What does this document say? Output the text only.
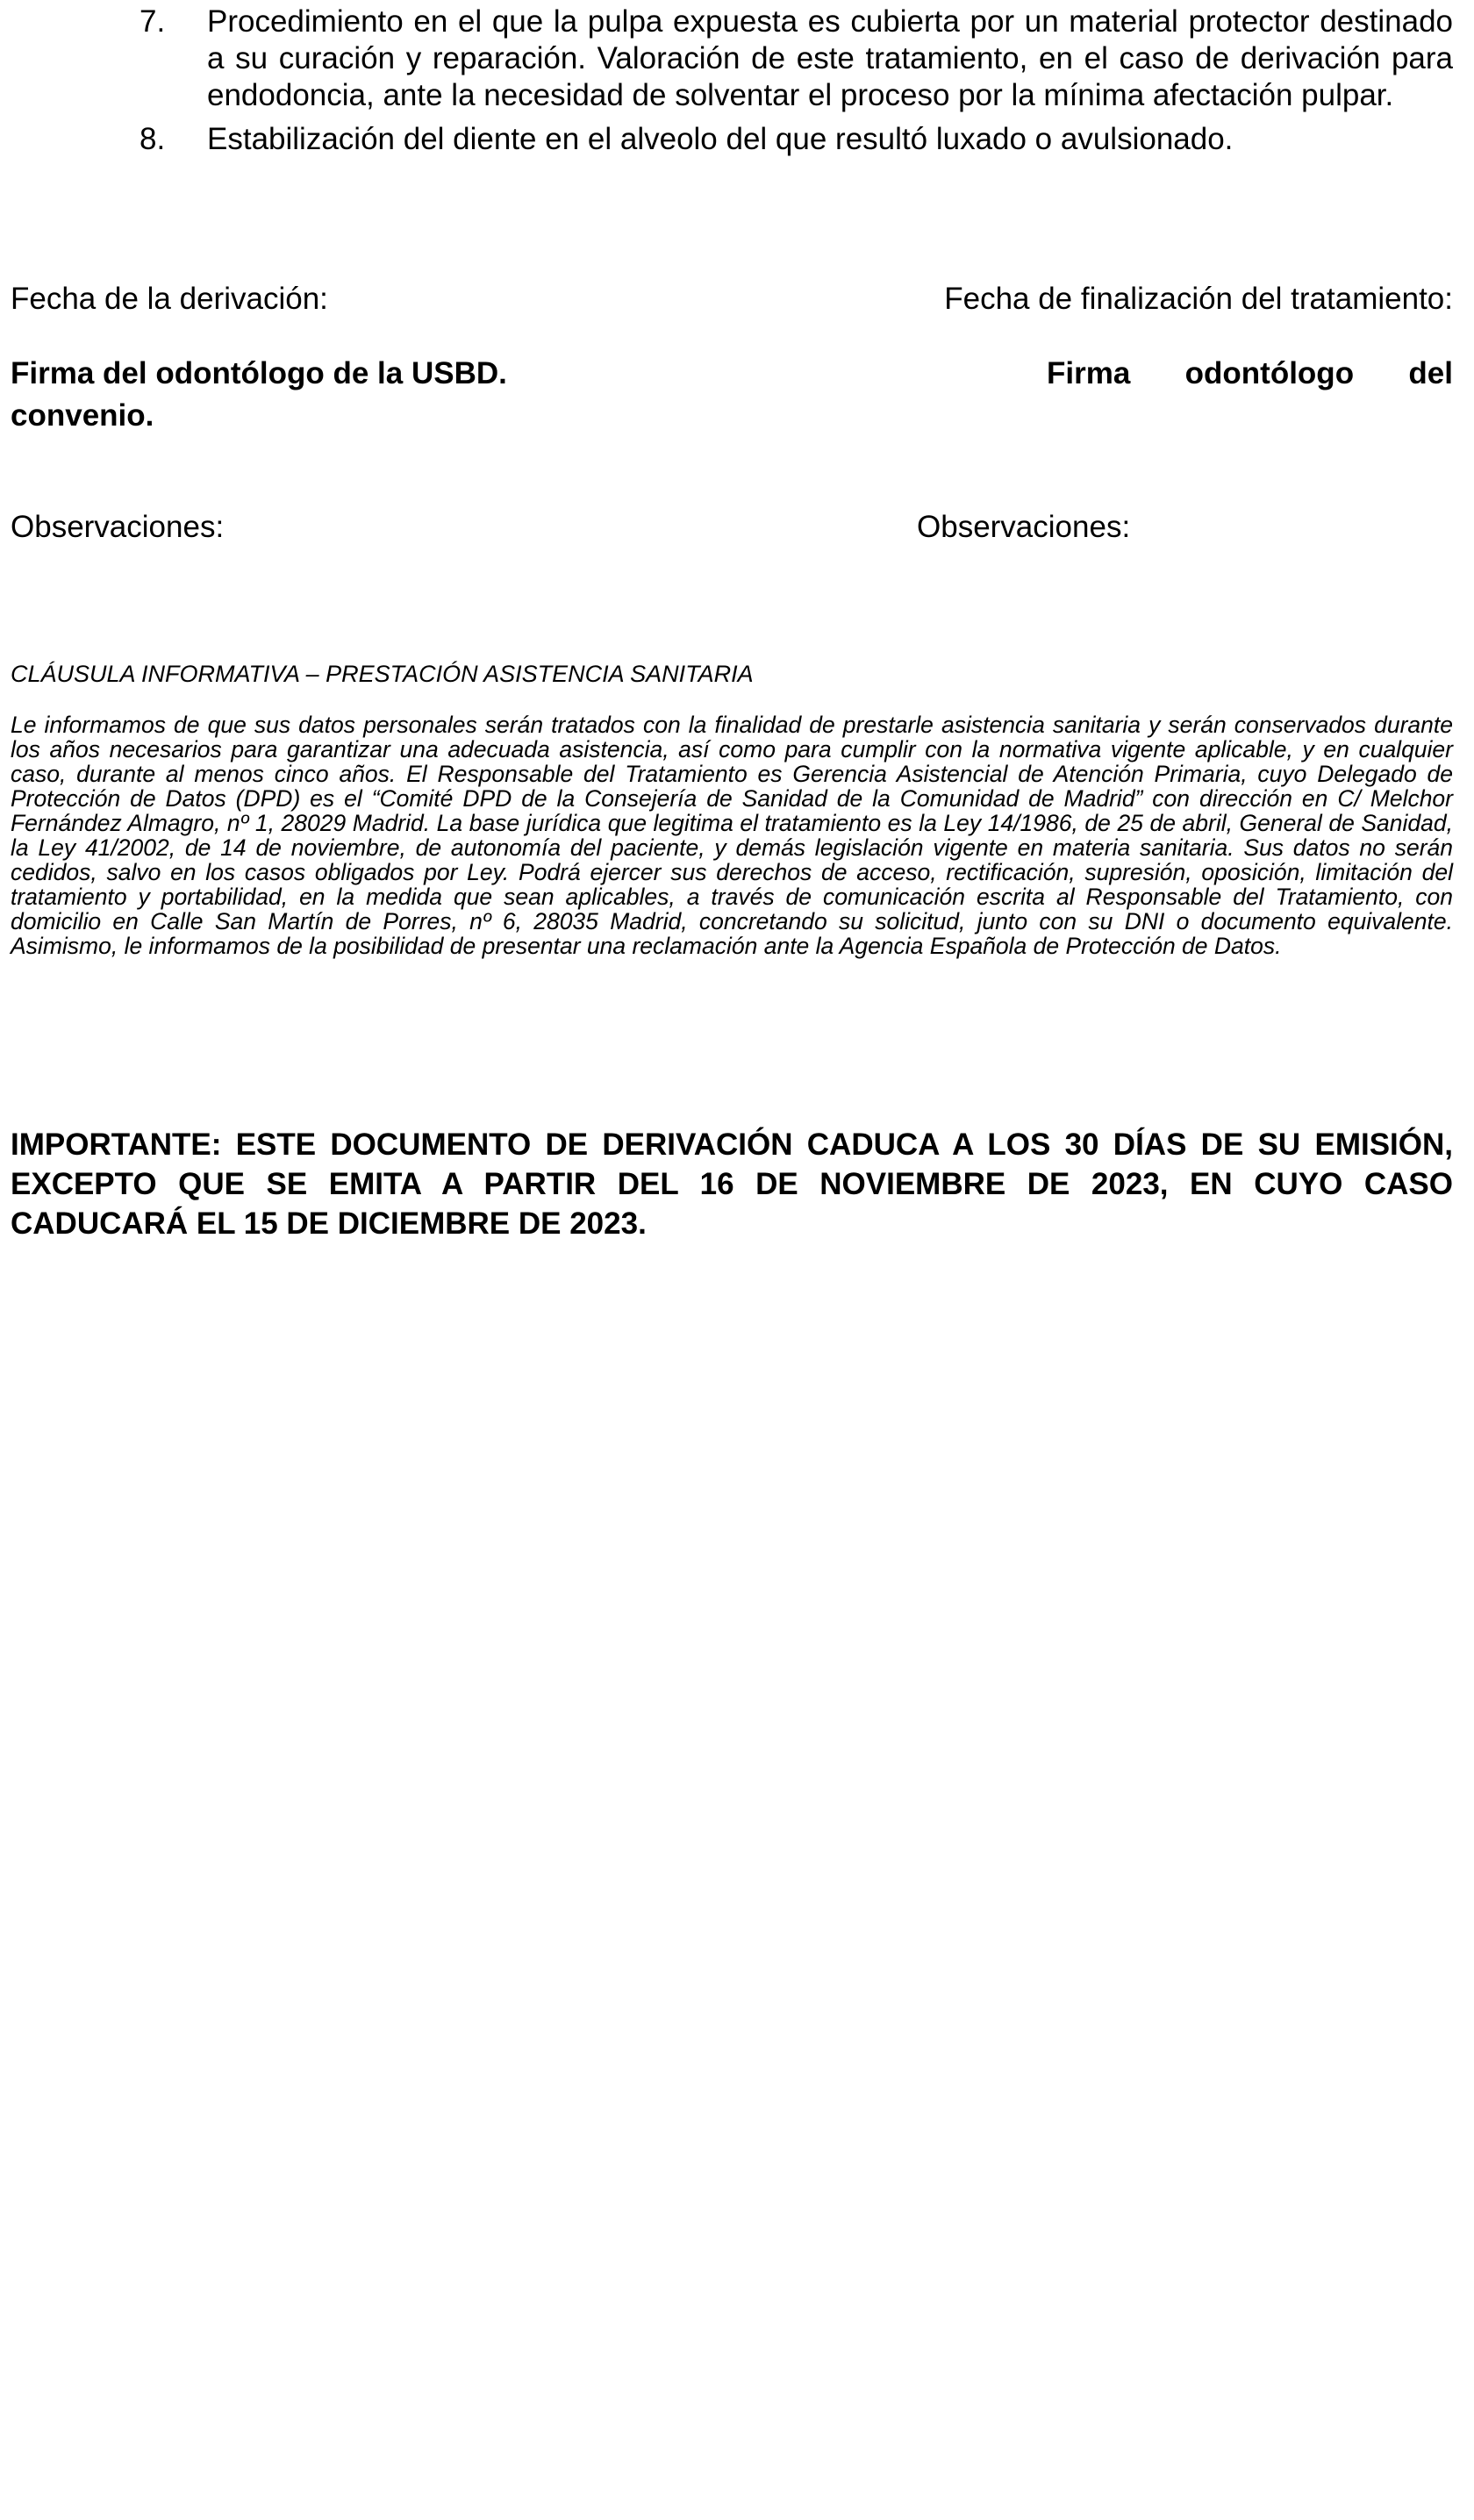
7. Procedimiento en el que la pulpa expuesta es cubierta por un material protector destinado a su curación y reparación. Valoración de este tratamiento, en el caso de derivación para endodoncia, ante la necesidad de solventar el proceso por la mínima afectación pulpar.
8. Estabilización del diente en el alveolo del que resultó luxado o avulsionado.
Fecha de la derivación:	Fecha de finalización del tratamiento:
Firma del odontólogo de la USBD.
convenio.
Firma odontólogo del
Observaciones:	Observaciones:
CLÁUSULA INFORMATIVA – PRESTACIÓN ASISTENCIA SANITARIA

Le informamos de que sus datos personales serán tratados con la finalidad de prestarle asistencia sanitaria y serán conservados durante los años necesarios para garantizar una adecuada asistencia, así como para cumplir con la normativa vigente aplicable, y en cualquier caso, durante al menos cinco años. El Responsable del Tratamiento es Gerencia Asistencial de Atención Primaria, cuyo Delegado de Protección de Datos (DPD) es el “Comité DPD de la Consejería de Sanidad de la Comunidad de Madrid” con dirección en C/ Melchor Fernández Almagro, nº 1, 28029 Madrid. La base jurídica que legitima el tratamiento es la Ley 14/1986, de 25 de abril, General de Sanidad, la Ley 41/2002, de 14 de noviembre, de autonomía del paciente, y demás legislación vigente en materia sanitaria. Sus datos no serán cedidos, salvo en los casos obligados por Ley. Podrá ejercer sus derechos de acceso, rectificación, supresión, oposición, limitación del tratamiento y portabilidad, en la medida que sean aplicables, a través de comunicación escrita al Responsable del Tratamiento, con domicilio en Calle San Martín de Porres, nº 6, 28035 Madrid, concretando su solicitud, junto con su DNI o documento equivalente. Asimismo, le informamos de la posibilidad de presentar una reclamación ante la Agencia Española de Protección de Datos.

IMPORTANTE: ESTE DOCUMENTO DE DERIVACIÓN CADUCA A LOS 30 DÍAS DE SU EMISIÓN, EXCEPTO QUE SE EMITA A PARTIR DEL 16 DE NOVIEMBRE DE 2023, EN CUYO CASO CADUCARÁ EL 15 DE DICIEMBRE DE 2023.
